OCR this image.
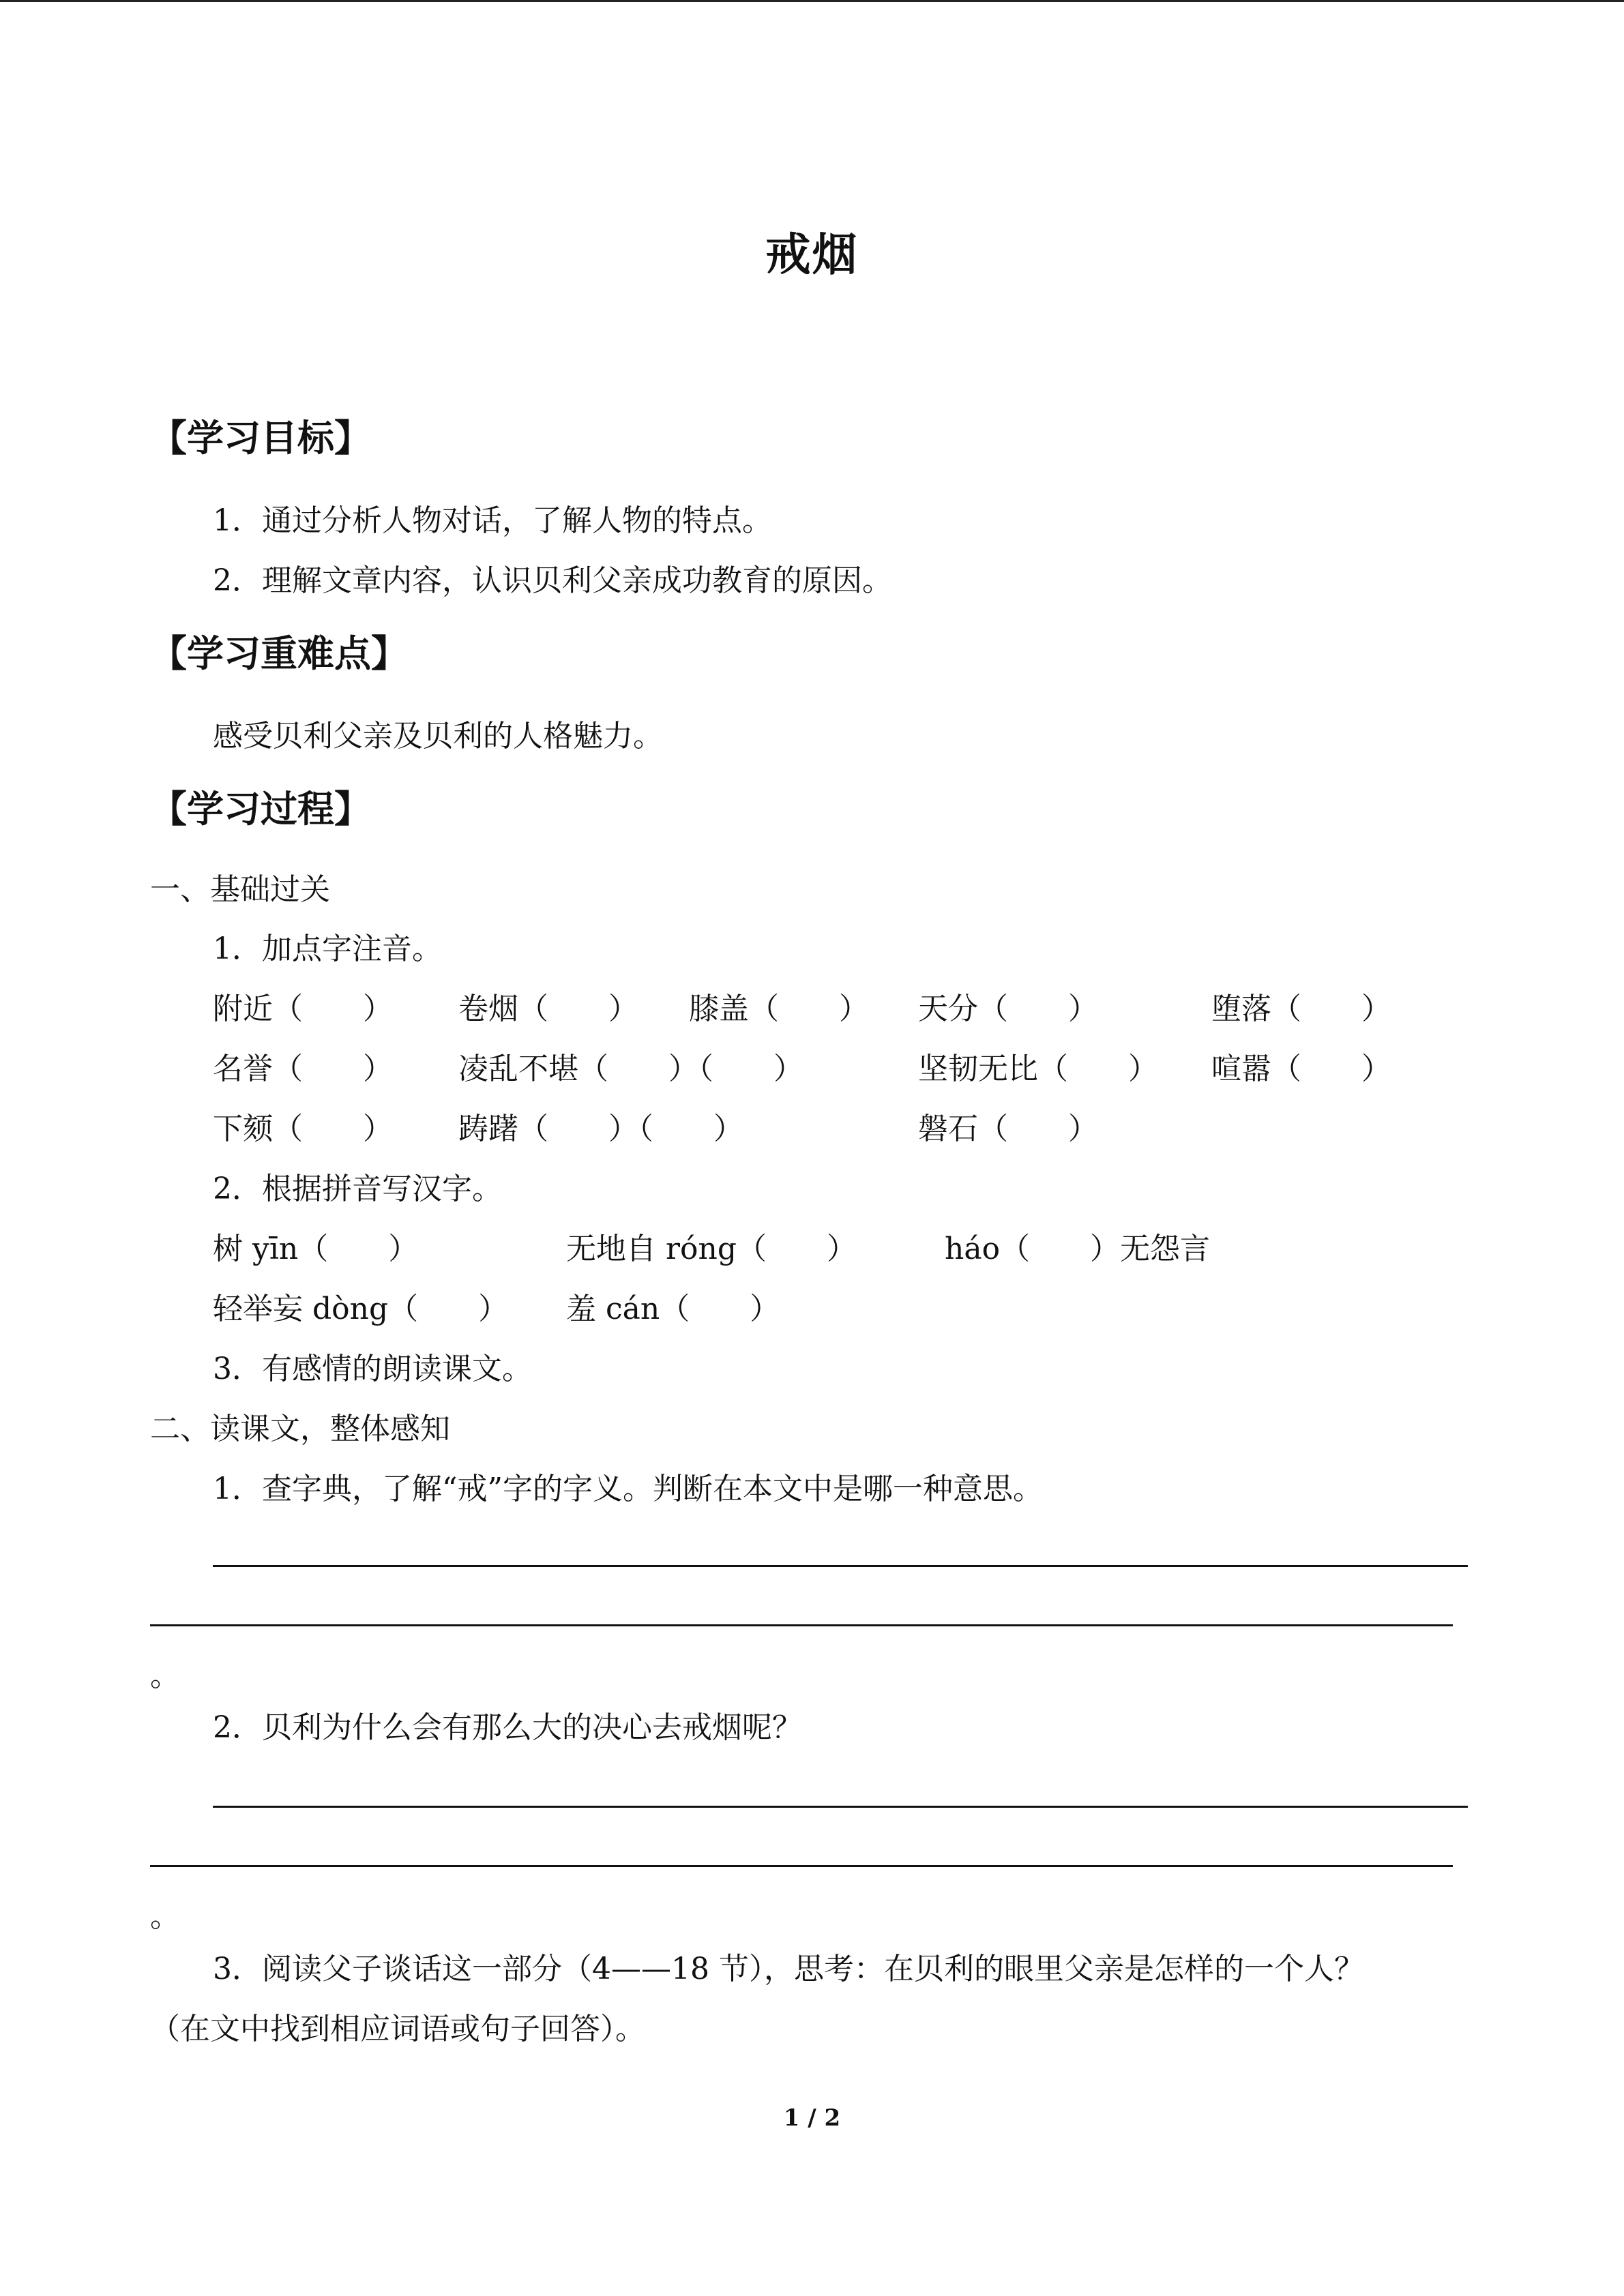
戒烟
【学习目标】
1．通过分析人物对话，了解人物的特点。
2．理解文章内容，认识贝利父亲成功教育的原因。
【学习重难点】
感受贝利父亲及贝利的人格魅力。
【学习过程】
一、基础过关
1．加点字注音。
附近（　　） 卷烟（　　） 膝盖（　　） 天分（　　）	堕落（　　）
名誉（　　） 凌乱不堪（　　）（　　）	坚韧无比（　　） 喧嚣（　　）
下颏（　　） 踌躇（　　）（　　）	磐石（　　）
2．根据拼音写汉字。
树 yīn（　　）	无地自 róng（　　）	háo（　　）无怨言
轻举妄 dòng（　　） 羞 cán（　　）
3．有感情的朗读课文。
二、读课文，整体感知
1．查字典，了解“戒”字的字义。判断在本文中是哪一种意思。
。
2．贝利为什么会有那么大的决心去戒烟呢？
。
3．阅读父子谈话这一部分（4——18 节），思考：在贝利的眼里父亲是怎样的一个人？
（在文中找到相应词语或句子回答）。
1 / 2
